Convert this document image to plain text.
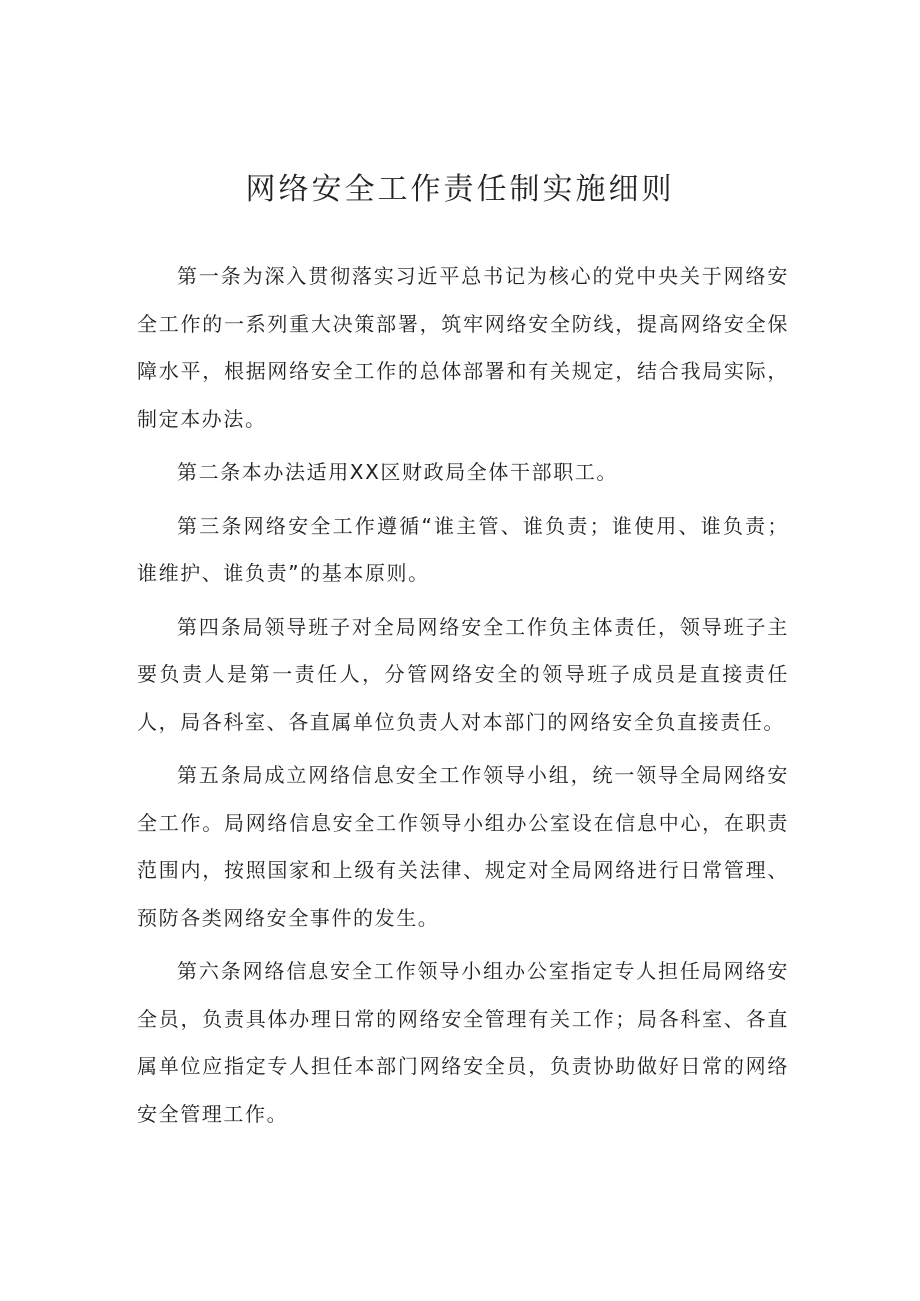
网络安全工作责任制实施细则

第一条为深入贯彻落实习近平总书记为核心的党中央关于网络安全工作的一系列重大决策部署，筑牢网络安全防线，提高网络安全保障水平，根据网络安全工作的总体部署和有关规定，结合我局实际，制定本办法。

第二条本办法适用XX区财政局全体干部职工。

第三条网络安全工作遵循“谁主管、谁负责；谁使用、谁负责；谁维护、谁负责”的基本原则。

第四条局领导班子对全局网络安全工作负主体责任，领导班子主要负责人是第一责任人，分管网络安全的领导班子成员是直接责任人，局各科室、各直属单位负责人对本部门的网络安全负直接责任。

第五条局成立网络信息安全工作领导小组，统一领导全局网络安全工作。局网络信息安全工作领导小组办公室设在信息中心，在职责范围内，按照国家和上级有关法律、规定对全局网络进行日常管理、预防各类网络安全事件的发生。

第六条网络信息安全工作领导小组办公室指定专人担任局网络安全员，负责具体办理日常的网络安全管理有关工作；局各科室、各直属单位应指定专人担任本部门网络安全员，负责协助做好日常的网络安全管理工作。
